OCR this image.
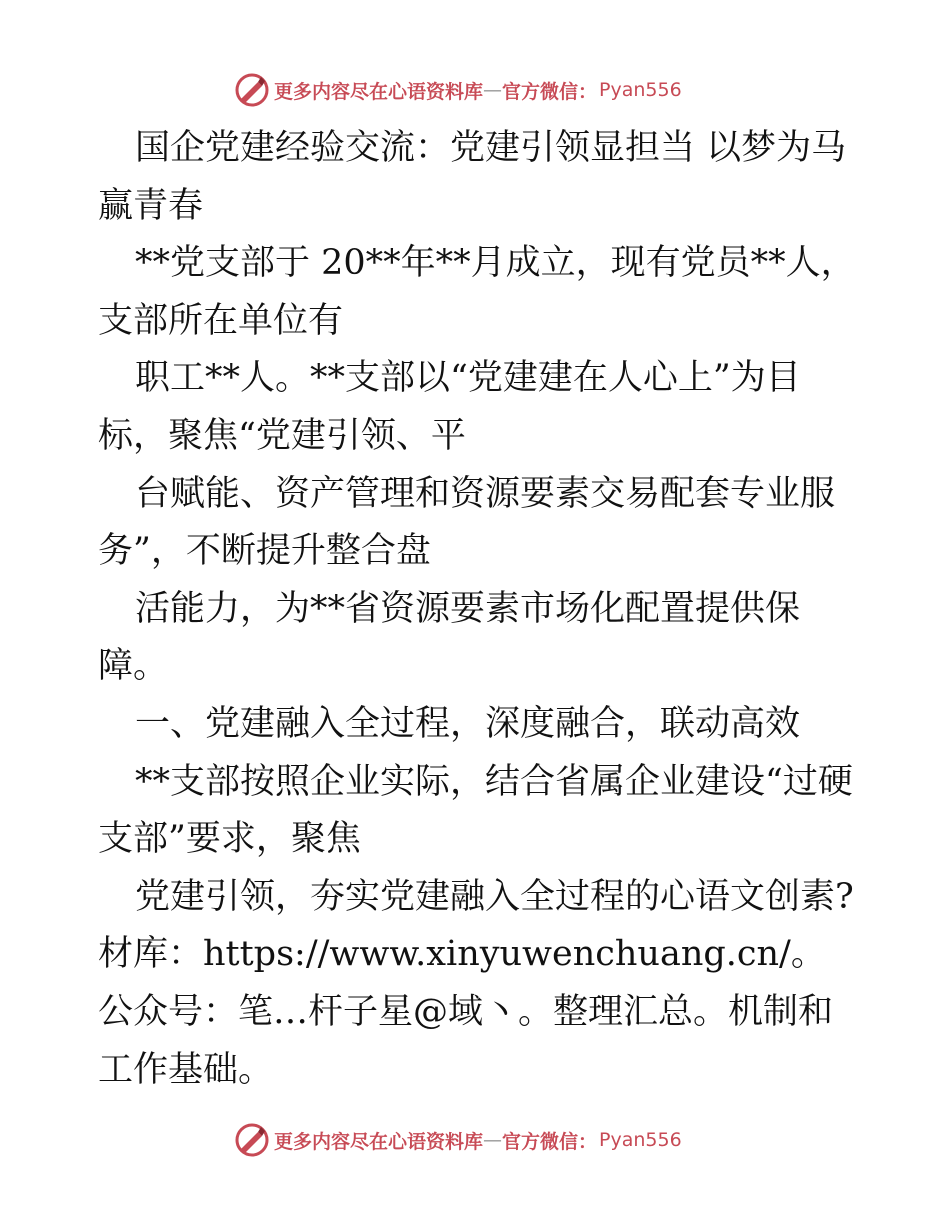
更多内容尽在心语资料库 — 官方微信： Pyan556

国企党建经验交流：党建引领显担当 以梦为马赢青春

**党支部于 20**年**月成立，现有党员**人，支部所在单位有

职工**人。**支部以“党建建在人心上”为目标，聚焦“党建引领、平

台赋能、资产管理和资源要素交易配套专业服务”，不断提升整合盘

活能力，为**省资源要素市场化配置提供保障。

一、党建融入全过程，深度融合，联动高效

**支部按照企业实际，结合省属企业建设“过硬支部”要求，聚焦

党建引领，夯实党建融入全过程的心语文创素?材库：https://www.xinyuwenchuang.cn/。公众号：笔…杆子星@域丶。整理汇总。机制和工作基础。

更多内容尽在心语资料库 — 官方微信： Pyan556
